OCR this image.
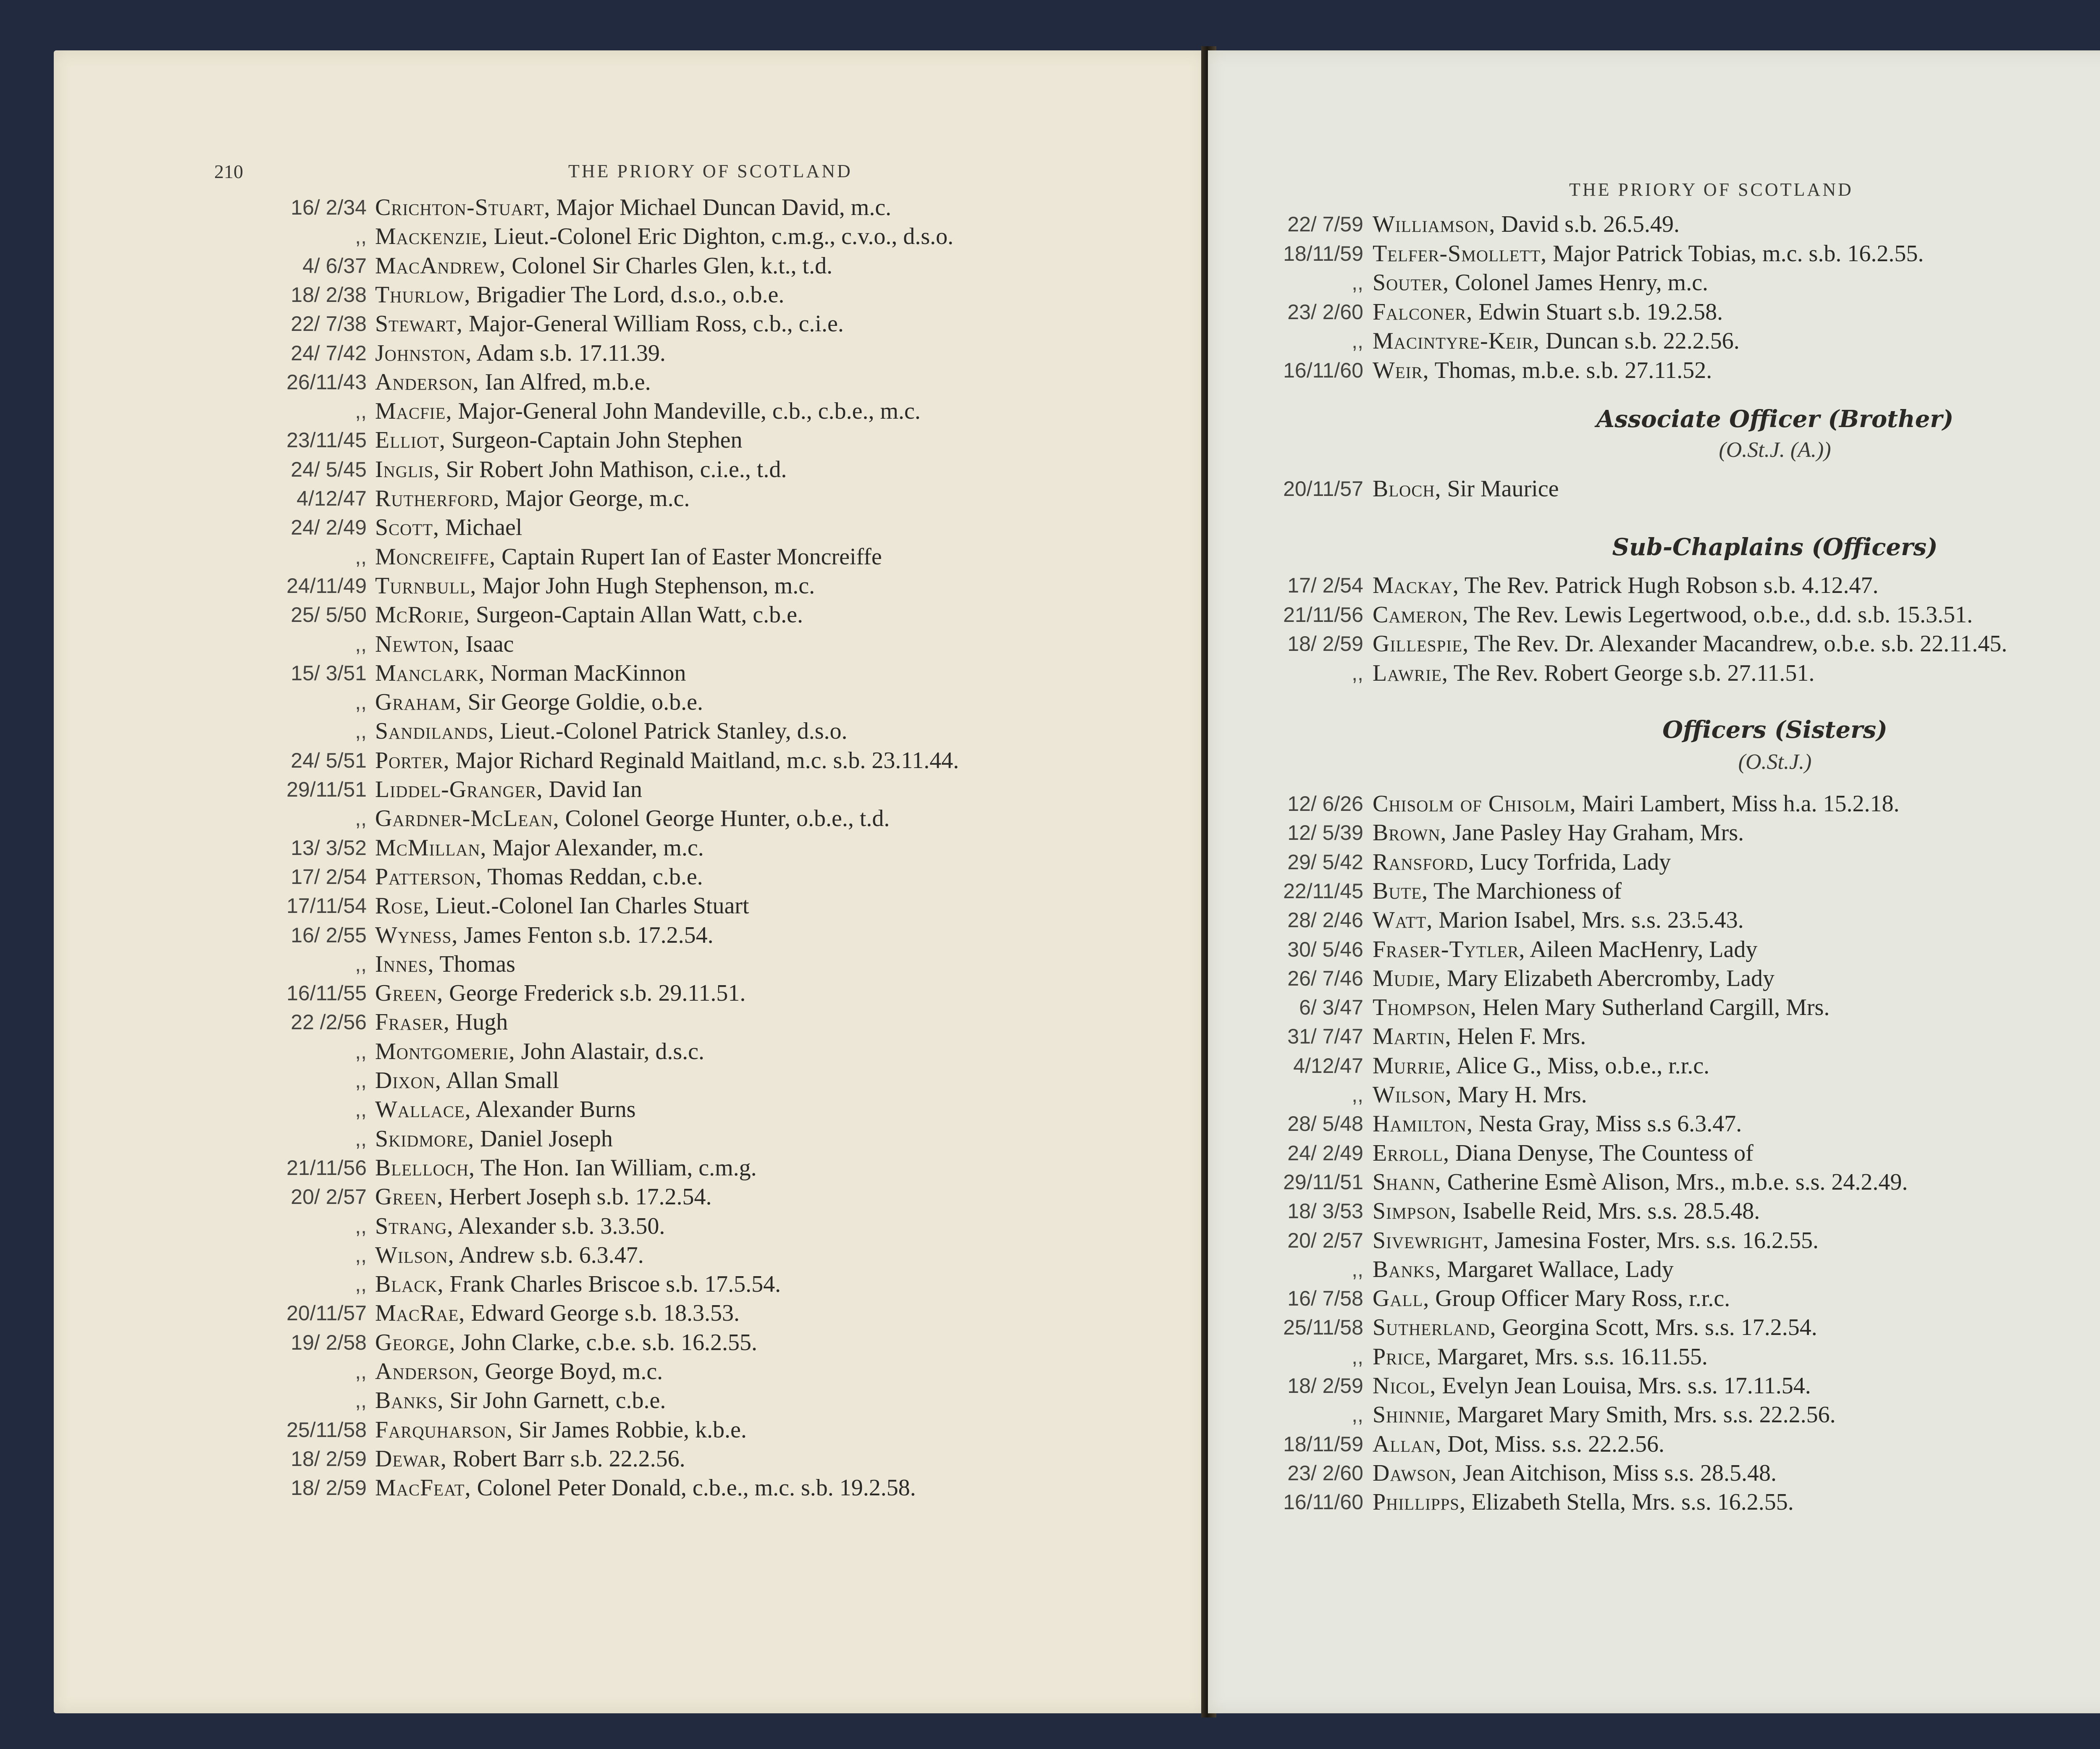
210	THE PRIORY OF SCOTLAND
16/ 2/34 Crichton-Stuart, Major Michael Duncan David, m.c.
,, Mackenzie, Lieut.-Colonel Eric Dighton, c.m.g., c.v.o., d.s.o.
4/ 6/37 MacAndrew, Colonel Sir Charles Glen, k.t., t.d.
18/ 2/38 Thurlow, Brigadier The Lord, d.s.o., o.b.e.
22/ 7/38 Stewart, Major-General William Ross, c.b., c.i.e.
24/ 7/42 Johnston, Adam s.b. 17.11.39.
26/11/43 Anderson, Ian Alfred, m.b.e.
,, Macfie, Major-General John Mandeville, c.b., c.b.e., m.c.
23/11/45 Elliot, Surgeon-Captain John Stephen
24/ 5/45 Inglis, Sir Robert John Mathison, c.i.e., t.d.
4/12/47 Rutherford, Major George, m.c.
24/ 2/49 Scott, Michael
,, Moncreiffe, Captain Rupert Ian of Easter Moncreiffe
24/11/49 Turnbull, Major John Hugh Stephenson, m.c.
25/ 5/50 McRorie, Surgeon-Captain Allan Watt, c.b.e.
,, Newton, Isaac
15/ 3/51 Manclark, Norman MacKinnon
,, Graham, Sir George Goldie, o.b.e.
,, Sandilands, Lieut.-Colonel Patrick Stanley, d.s.o.
24/ 5/51 Porter, Major Richard Reginald Maitland, m.c. s.b. 23.11.44.
29/11/51 Liddel-Granger, David Ian
,, Gardner-McLean, Colonel George Hunter, o.b.e., t.d.
13/ 3/52 McMillan, Major Alexander, m.c.
17/ 2/54 Patterson, Thomas Reddan, c.b.e.
17/11/54 Rose, Lieut.-Colonel Ian Charles Stuart
16/ 2/55 Wyness, James Fenton s.b. 17.2.54.
,, Innes, Thomas
16/11/55 Green, George Frederick s.b. 29.11.51.
22 /2/56 Fraser, Hugh
,, Montgomerie, John Alastair, d.s.c.
,, Dixon, Allan Small
,, Wallace, Alexander Burns
,, Skidmore, Daniel Joseph
21/11/56 Blelloch, The Hon. Ian William, c.m.g.
20/ 2/57 Green, Herbert Joseph s.b. 17.2.54.
,, Strang, Alexander s.b. 3.3.50.
,, Wilson, Andrew s.b. 6.3.47.
,, Black, Frank Charles Briscoe s.b. 17.5.54.
20/11/57 MacRae, Edward George s.b. 18.3.53.
19/ 2/58 George, John Clarke, c.b.e. s.b. 16.2.55.
,, Anderson, George Boyd, m.c.
,, Banks, Sir John Garnett, c.b.e.
25/11/58 Farquharson, Sir James Robbie, k.b.e.
18/ 2/59 Dewar, Robert Barr s.b. 22.2.56.
18/ 2/59 MacFeat, Colonel Peter Donald, c.b.e., m.c. s.b. 19.2.58.
THE PRIORY OF SCOTLAND
22/ 7/59 Williamson, David s.b. 26.5.49.
18/11/59 Telfer-Smollett, Major Patrick Tobias, m.c. s.b. 16.2.55.
,, Souter, Colonel James Henry, m.c.
23/ 2/60 Falconer, Edwin Stuart s.b. 19.2.58.
,, Macintyre-Keir, Duncan s.b. 22.2.56.
16/11/60 Weir, Thomas, m.b.e. s.b. 27.11.52.
Associate Officer (Brother)
(O.St.J. (A.))
20/11/57 Bloch, Sir Maurice
Sub-Chaplains (Officers)
17/ 2/54 Mackay, The Rev. Patrick Hugh Robson s.b. 4.12.47.
21/11/56 Cameron, The Rev. Lewis Legertwood, o.b.e., d.d. s.b. 15.3.51.
18/ 2/59 Gillespie, The Rev. Dr. Alexander Macandrew, o.b.e. s.b. 22.11.45.
,, Lawrie, The Rev. Robert George s.b. 27.11.51.
Officers (Sisters)
(O.St.J.)
12/ 6/26 Chisolm of Chisolm, Mairi Lambert, Miss h.a. 15.2.18.
12/ 5/39 Brown, Jane Pasley Hay Graham, Mrs.
29/ 5/42 Ransford, Lucy Torfrida, Lady
22/11/45 Bute, The Marchioness of
28/ 2/46 Watt, Marion Isabel, Mrs. s.s. 23.5.43.
30/ 5/46 Fraser-Tytler, Aileen MacHenry, Lady
26/ 7/46 Mudie, Mary Elizabeth Abercromby, Lady
6/ 3/47 Thompson, Helen Mary Sutherland Cargill, Mrs.
31/ 7/47 Martin, Helen F. Mrs.
4/12/47 Murrie, Alice G., Miss, o.b.e., r.r.c.
,, Wilson, Mary H. Mrs.
28/ 5/48 Hamilton, Nesta Gray, Miss s.s 6.3.47.
24/ 2/49 Erroll, Diana Denyse, The Countess of
29/11/51 Shann, Catherine Esmè Alison, Mrs., m.b.e. s.s. 24.2.49.
18/ 3/53 Simpson, Isabelle Reid, Mrs. s.s. 28.5.48.
20/ 2/57 Sivewright, Jamesina Foster, Mrs. s.s. 16.2.55.
,, Banks, Margaret Wallace, Lady
16/ 7/58 Gall, Group Officer Mary Ross, r.r.c.
25/11/58 Sutherland, Georgina Scott, Mrs. s.s. 17.2.54.
,, Price, Margaret, Mrs. s.s. 16.11.55.
18/ 2/59 Nicol, Evelyn Jean Louisa, Mrs. s.s. 17.11.54.
,, Shinnie, Margaret Mary Smith, Mrs. s.s. 22.2.56.
18/11/59 Allan, Dot, Miss. s.s. 22.2.56.
23/ 2/60 Dawson, Jean Aitchison, Miss s.s. 28.5.48.
16/11/60 Phillipps, Elizabeth Stella, Mrs. s.s. 16.2.55.
